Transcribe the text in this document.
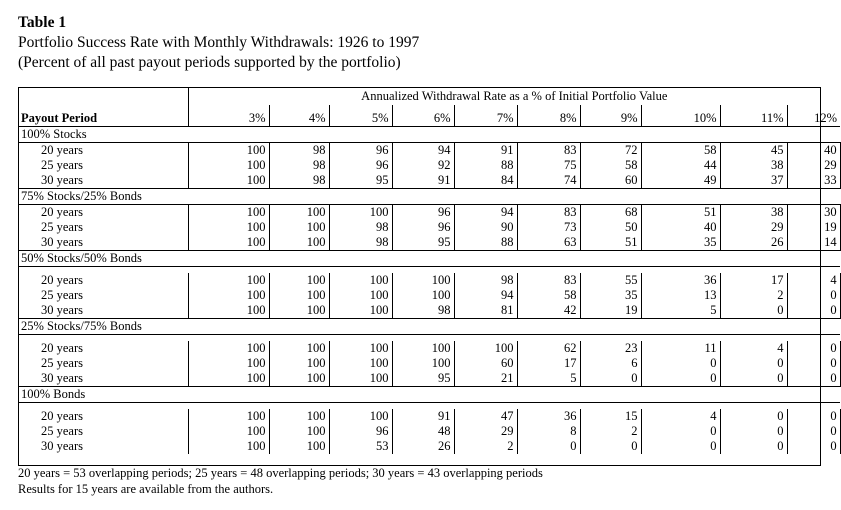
Table 1
Portfolio Success Rate with Monthly Withdrawals: 1926 to 1997
(Percent of all past payout periods supported by the portfolio)
	Annualized Withdrawal Rate as a % of Initial Portfolio Value									
Payout Period	3%	4%	5%	6%	7%	8%	9%	10%	11%	12%
100% Stocks										
20 years	100	98	96	94	91	83	72	58	45	40
25 years	100	98	96	92	88	75	58	44	38	29
30 years	100	98	95	91	84	74	60	49	37	33
75% Stocks/25% Bonds										
20 years	100	100	100	96	94	83	68	51	38	30
25 years	100	100	98	96	90	73	50	40	29	19
30 years	100	100	98	95	88	63	51	35	26	14
50% Stocks/50% Bonds										

20 years	100	100	100	100	98	83	55	36	17	4
25 years	100	100	100	100	94	58	35	13	2	0
30 years	100	100	100	98	81	42	19	5	0	0
25% Stocks/75% Bonds										

20 years	100	100	100	100	100	62	23	11	4	0
25 years	100	100	100	100	60	17	6	0	0	0
30 years	100	100	100	95	21	5	0	0	0	0
100% Bonds										

20 years	100	100	100	91	47	36	15	4	0	0
25 years	100	100	96	48	29	8	2	0	0	0
30 years	100	100	53	26	2	0	0	0	0	0
20 years = 53 overlapping periods; 25 years = 48 overlapping periods; 30 years = 43 overlapping periods
Results for 15 years are available from the authors.
